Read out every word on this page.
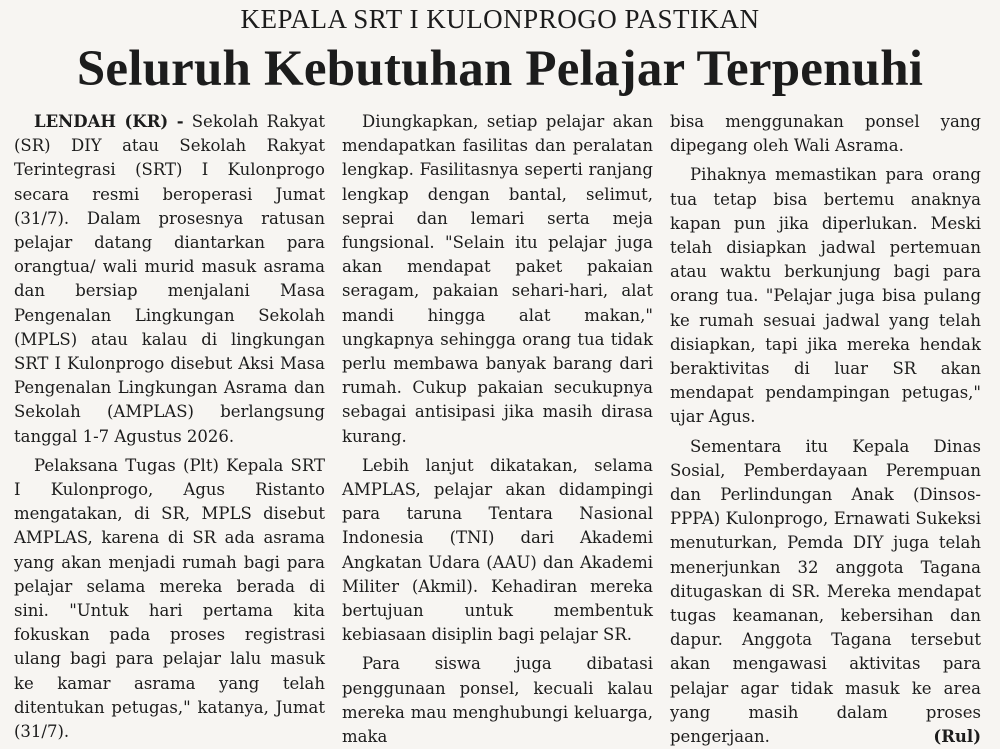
KEPALA SRT I KULONPROGO PASTIKAN
Seluruh Kebutuhan Pelajar Terpenuhi

LENDAH (KR) - Sekolah Rakyat (SR) DIY atau Sekolah Rakyat Terintegrasi (SRT) I Kulonprogo secara resmi beroperasi Jumat (31/7). Dalam prosesnya ratusan pelajar datang diantarkan para orangtua/ wali murid masuk asrama dan bersiap menjalani Masa Pengenalan Lingkungan Sekolah (MPLS) atau kalau di lingkungan SRT I Kulonprogo disebut Aksi Masa Pengenalan Lingkungan Asrama dan Sekolah (AMPLAS) berlangsung tanggal 1-7 Agustus 2026.

Pelaksana Tugas (Plt) Kepala SRT I Kulonprogo, Agus Ristanto mengatakan, di SR, MPLS disebut AMPLAS, karena di SR ada asrama yang akan menjadi rumah bagi para pelajar selama mereka berada di sini. "Untuk hari pertama kita fokuskan pada proses registrasi ulang bagi para pelajar lalu masuk ke kamar asrama yang telah ditentukan petugas," katanya, Jumat (31/7).

Diungkapkan, setiap pelajar akan mendapatkan fasilitas dan peralatan lengkap. Fasilitasnya seperti ranjang lengkap dengan bantal, selimut, seprai dan lemari serta meja fungsional. "Selain itu pelajar juga akan mendapat paket pakaian seragam, pakaian sehari-hari, alat mandi hingga alat makan," ungkapnya sehingga orang tua tidak perlu membawa banyak barang dari rumah. Cukup pakaian secukupnya sebagai antisipasi jika masih dirasa kurang.

Lebih lanjut dikatakan, selama AMPLAS, pelajar akan didampingi para taruna Tentara Nasional Indonesia (TNI) dari Akademi Angkatan Udara (AAU) dan Akademi Militer (Akmil). Kehadiran mereka bertujuan untuk membentuk kebiasaan disiplin bagi pelajar SR.

Para siswa juga dibatasi penggunaan ponsel, kecuali kalau mereka mau menghubungi keluarga, maka

bisa menggunakan ponsel yang dipegang oleh Wali Asrama.

Pihaknya memastikan para orang tua tetap bisa bertemu anaknya kapan pun jika diperlukan. Meski telah disiapkan jadwal pertemuan atau waktu berkunjung bagi para orang tua. "Pelajar juga bisa pulang ke rumah sesuai jadwal yang telah disiapkan, tapi jika mereka hendak beraktivitas di luar SR akan mendapat pendampingan petugas," ujar Agus.

Sementara itu Kepala Dinas Sosial, Pemberdayaan Perempuan dan Perlindungan Anak (Dinsos-PPPA) Kulonprogo, Ernawati Sukeksi menuturkan, Pemda DIY juga telah menerjunkan 32 anggota Tagana ditugaskan di SR. Mereka mendapat tugas keamanan, kebersihan dan dapur. Anggota Tagana tersebut akan mengawasi aktivitas para pelajar agar tidak masuk ke area yang masih dalam proses pengerjaan.	(Rul)
